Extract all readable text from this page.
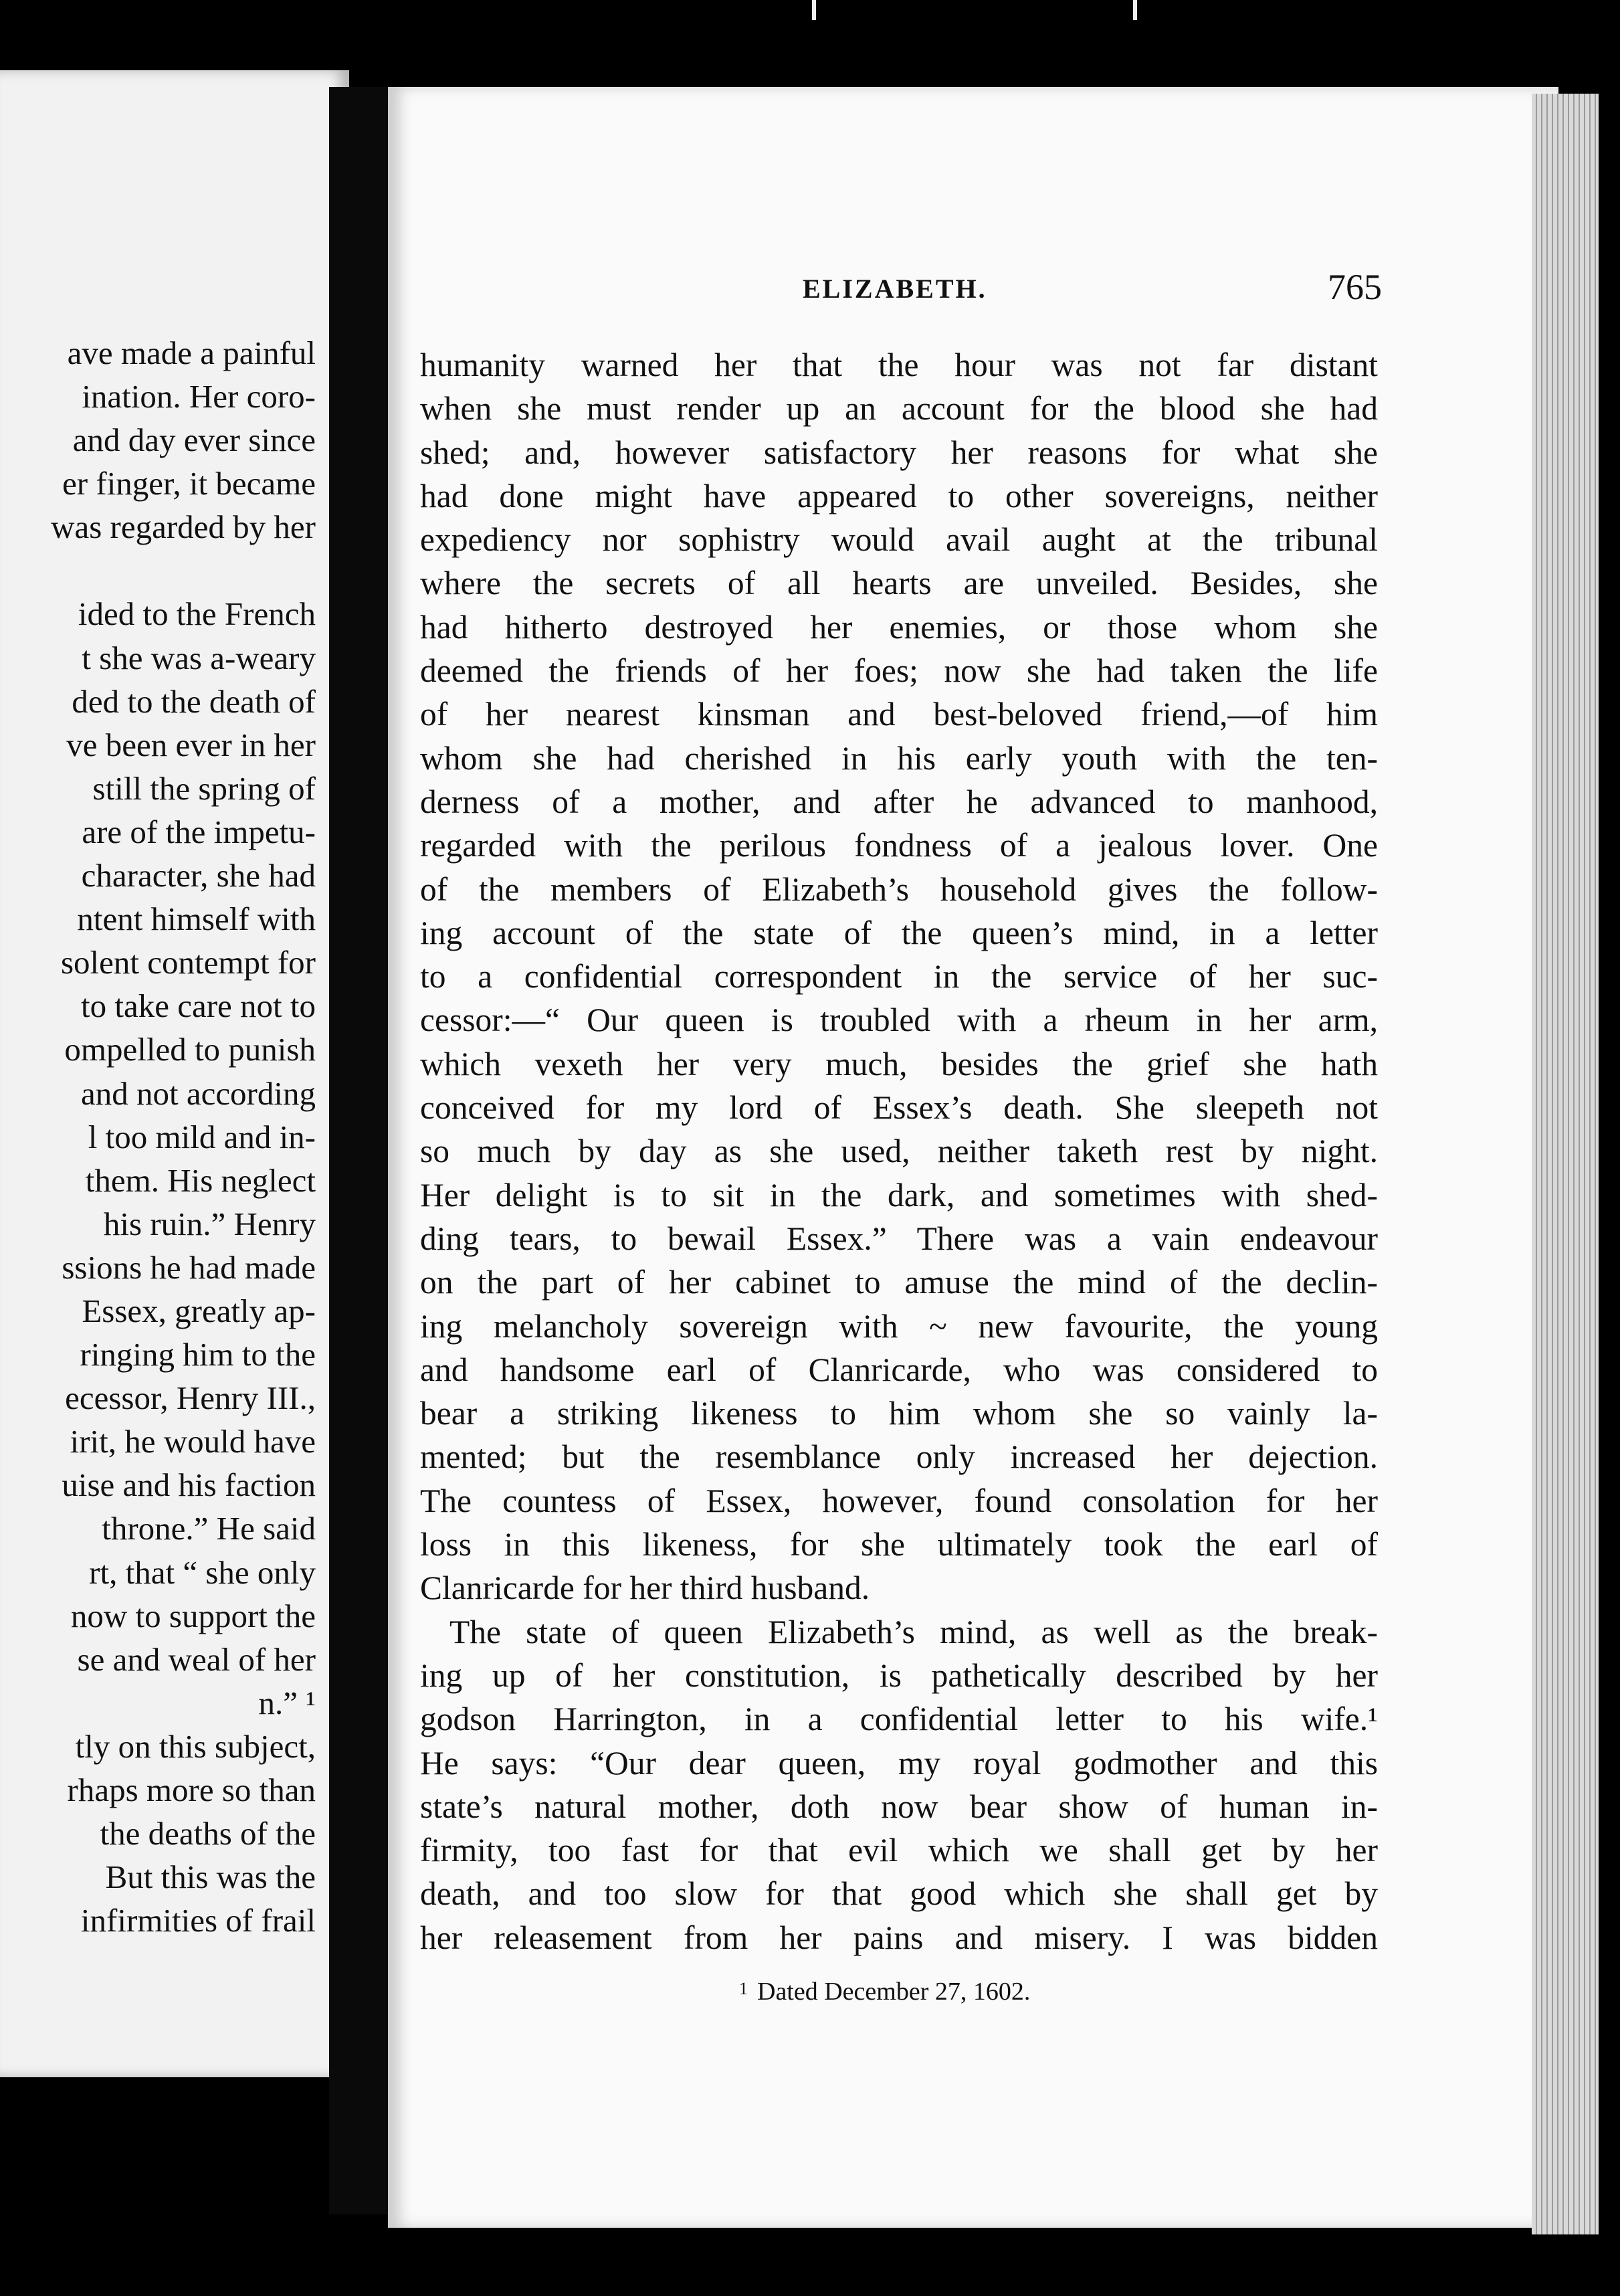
ave made a painful
ination. Her coro-
and day ever since
er finger, it became
was regarded by her
ided to the French
t she was a-weary
ded to the death of
ve been ever in her
still the spring of
are of the impetu-
character, she had
ntent himself with
solent contempt for
to take care not to
ompelled to punish
and not according
l too mild and in-
them. His neglect
his ruin.” Henry
ssions he had made
Essex, greatly ap-
ringing him to the
ecessor, Henry III.,
irit, he would have
uise and his faction
throne.” He said
rt, that “ she only
now to support the
se and weal of her
n.” ¹
tly on this subject,
rhaps more so than
the deaths of the
But this was the
infirmities of frail
ELIZABETH.	765
humanity warned her that the hour was not far distant
when she must render up an account for the blood she had
shed; and, however satisfactory her reasons for what she
had done might have appeared to other sovereigns, neither
expediency nor sophistry would avail aught at the tribunal
where the secrets of all hearts are unveiled. Besides, she
had hitherto destroyed her enemies, or those whom she
deemed the friends of her foes; now she had taken the life
of her nearest kinsman and best-beloved friend,—of him
whom she had cherished in his early youth with the ten-
derness of a mother, and after he advanced to manhood,
regarded with the perilous fondness of a jealous lover. One
of the members of Elizabeth’s household gives the follow-
ing account of the state of the queen’s mind, in a letter
to a confidential correspondent in the service of her suc-
cessor:—“ Our queen is troubled with a rheum in her arm,
which vexeth her very much, besides the grief she hath
conceived for my lord of Essex’s death. She sleepeth not
so much by day as she used, neither taketh rest by night.
Her delight is to sit in the dark, and sometimes with shed-
ding tears, to bewail Essex.” There was a vain endeavour
on the part of her cabinet to amuse the mind of the declin-
ing melancholy sovereign with ~ new favourite, the young
and handsome earl of Clanricarde, who was considered to
bear a striking likeness to him whom she so vainly la-
mented; but the resemblance only increased her dejection.
The countess of Essex, however, found consolation for her
loss in this likeness, for she ultimately took the earl of
Clanricarde for her third husband.
The state of queen Elizabeth’s mind, as well as the break-
ing up of her constitution, is pathetically described by her
godson Harrington, in a confidential letter to his wife.¹
He says: “Our dear queen, my royal godmother and this
state’s natural mother, doth now bear show of human in-
firmity, too fast for that evil which we shall get by her
death, and too slow for that good which she shall get by
her releasement from her pains and misery. I was bidden
$^1$ Dated December 27, 1602.
